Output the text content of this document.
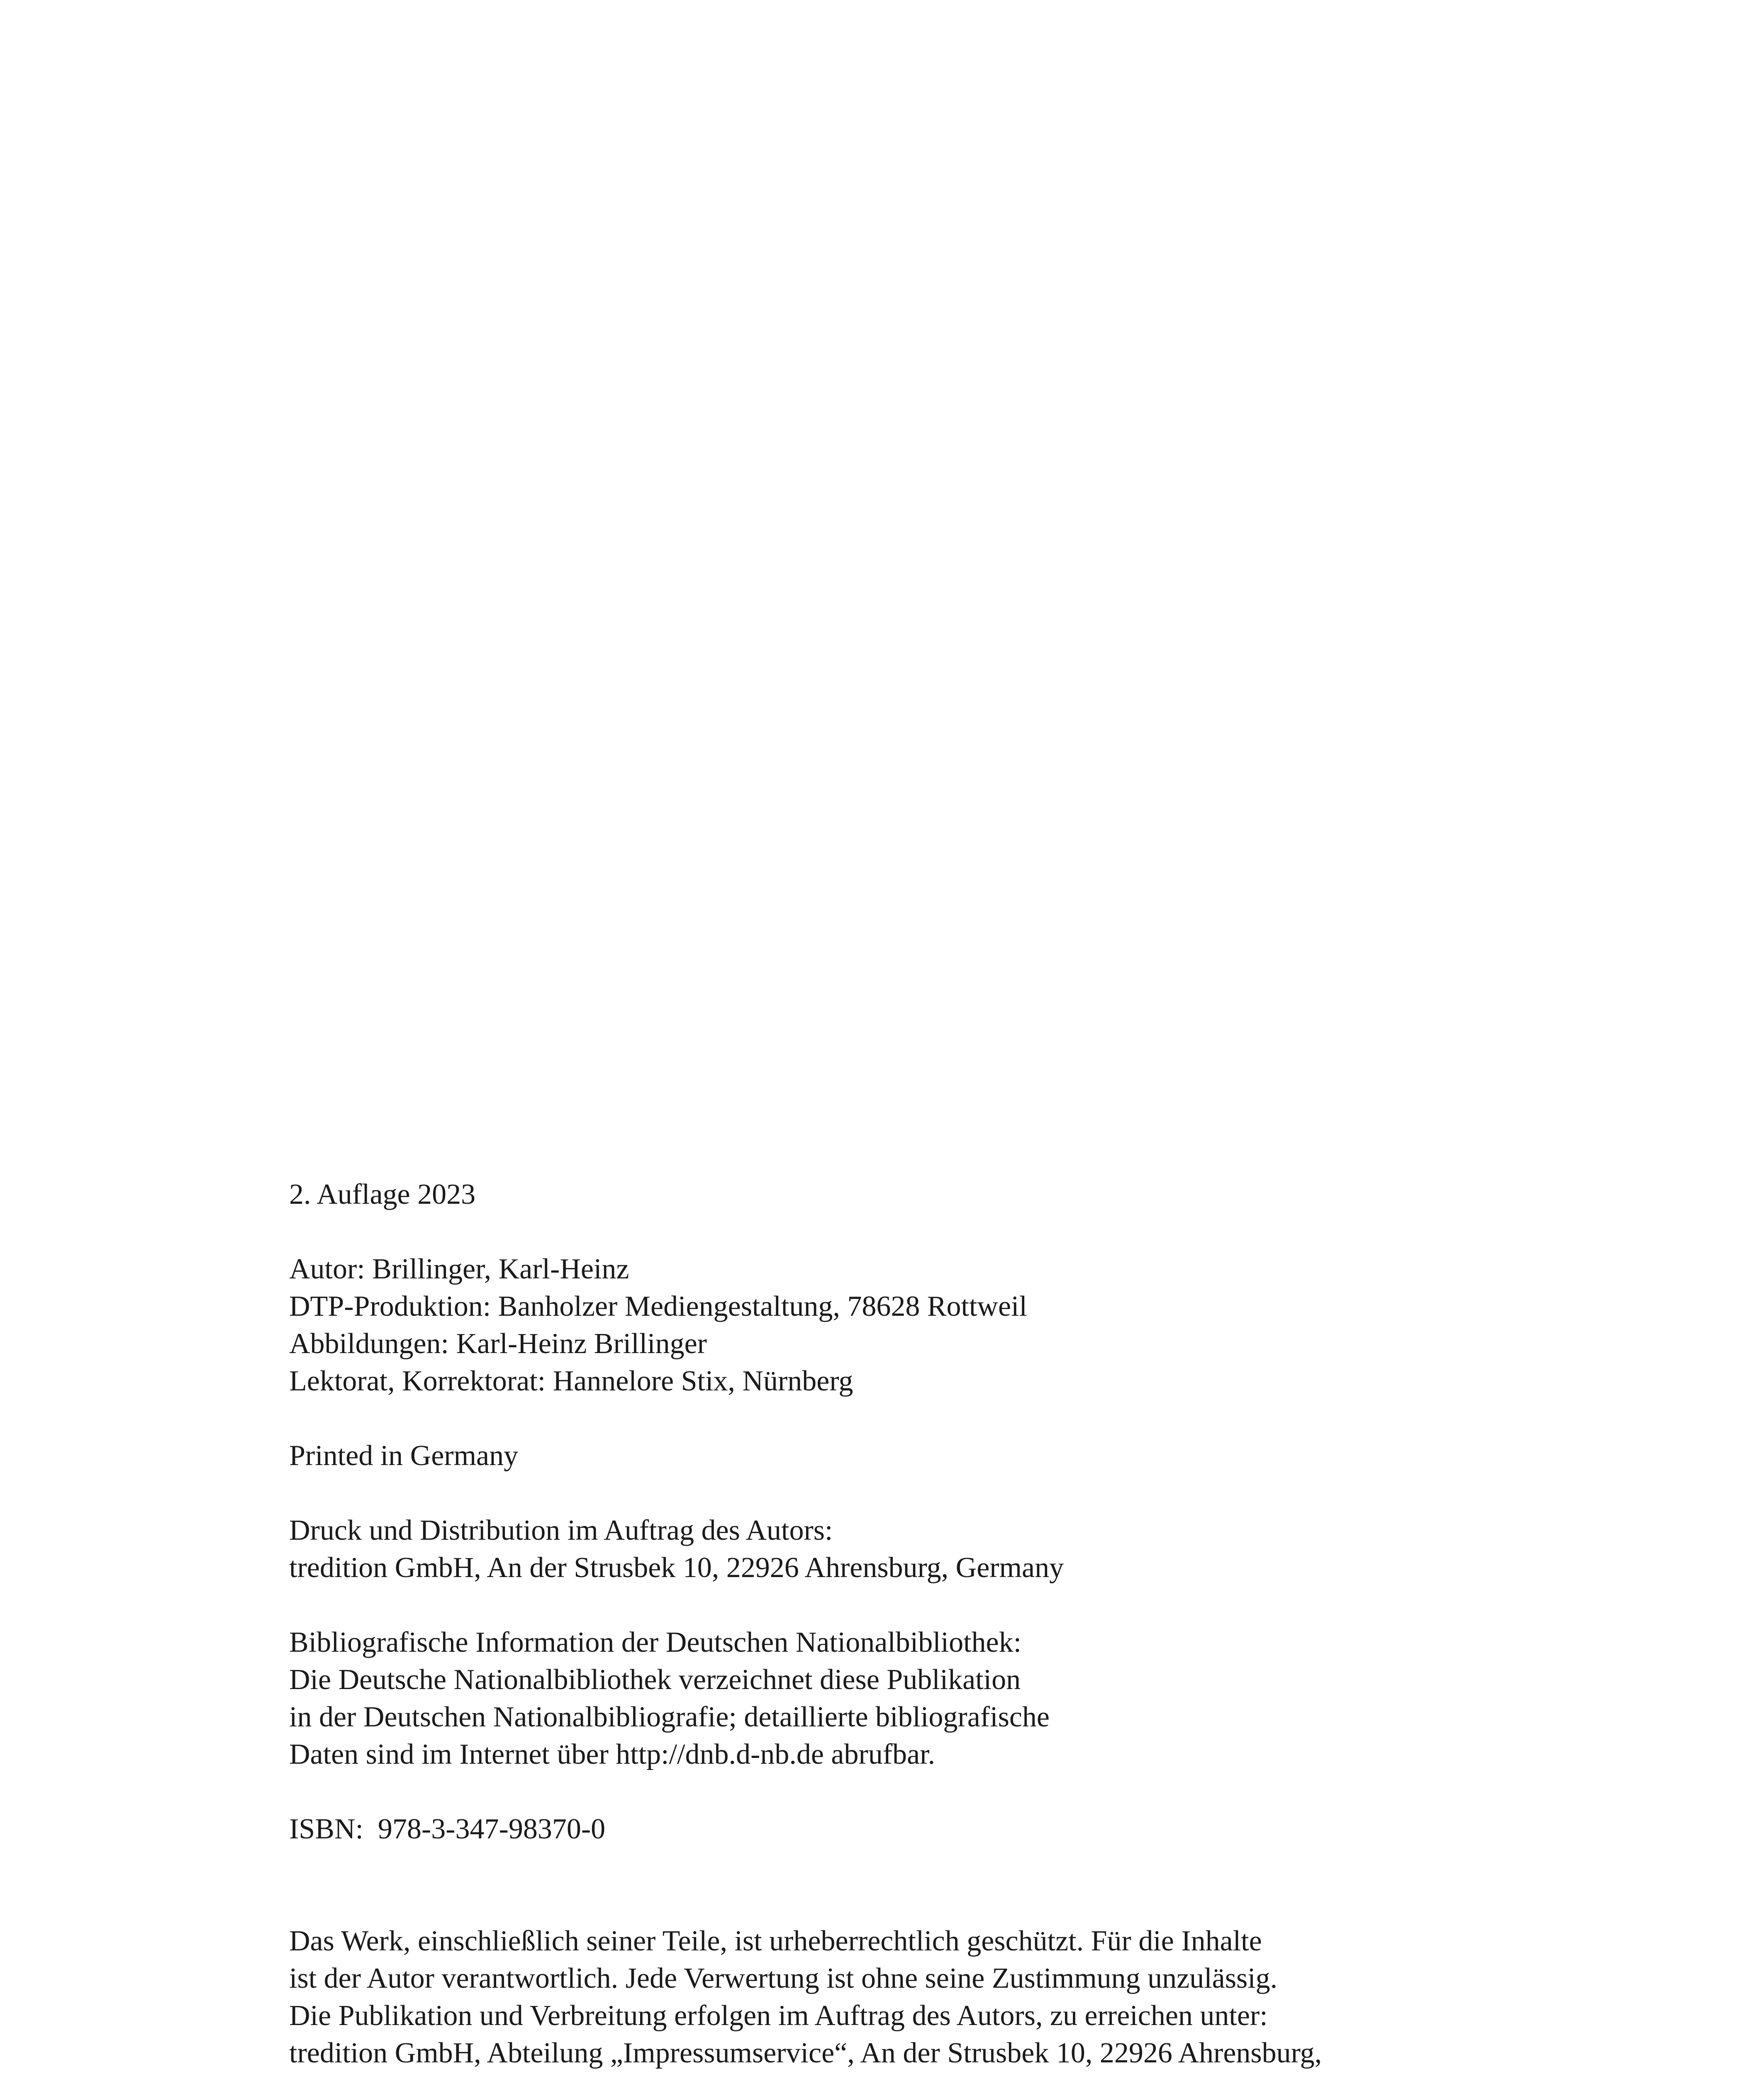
2. Auflage 2023
Autor: Brillinger, Karl-Heinz
DTP-Produktion: Banholzer Mediengestaltung, 78628 Rottweil
Abbildungen: Karl-Heinz Brillinger
Lektorat, Korrektorat: Hannelore Stix, Nürnberg
Printed in Germany
Druck und Distribution im Auftrag des Autors:
tredition GmbH, An der Strusbek 10, 22926 Ahrensburg, Germany
Bibliografische Information der Deutschen Nationalbibliothek:
Die Deutsche Nationalbibliothek verzeichnet diese Publikation
in der Deutschen Nationalbibliografie; detaillierte bibliografische
Daten sind im Internet über http://dnb.d-nb.de abrufbar.
ISBN:  978-3-347-98370-0
Das Werk, einschließlich seiner Teile, ist urheberrechtlich geschützt. Für die Inhalte
ist der Autor verantwortlich. Jede Verwertung ist ohne seine Zustimmung unzulässig.
Die Publikation und Verbreitung erfolgen im Auftrag des Autors, zu erreichen unter:
tredition GmbH, Abteilung „Impressumservice“, An der Strusbek 10, 22926 Ahrensburg,
